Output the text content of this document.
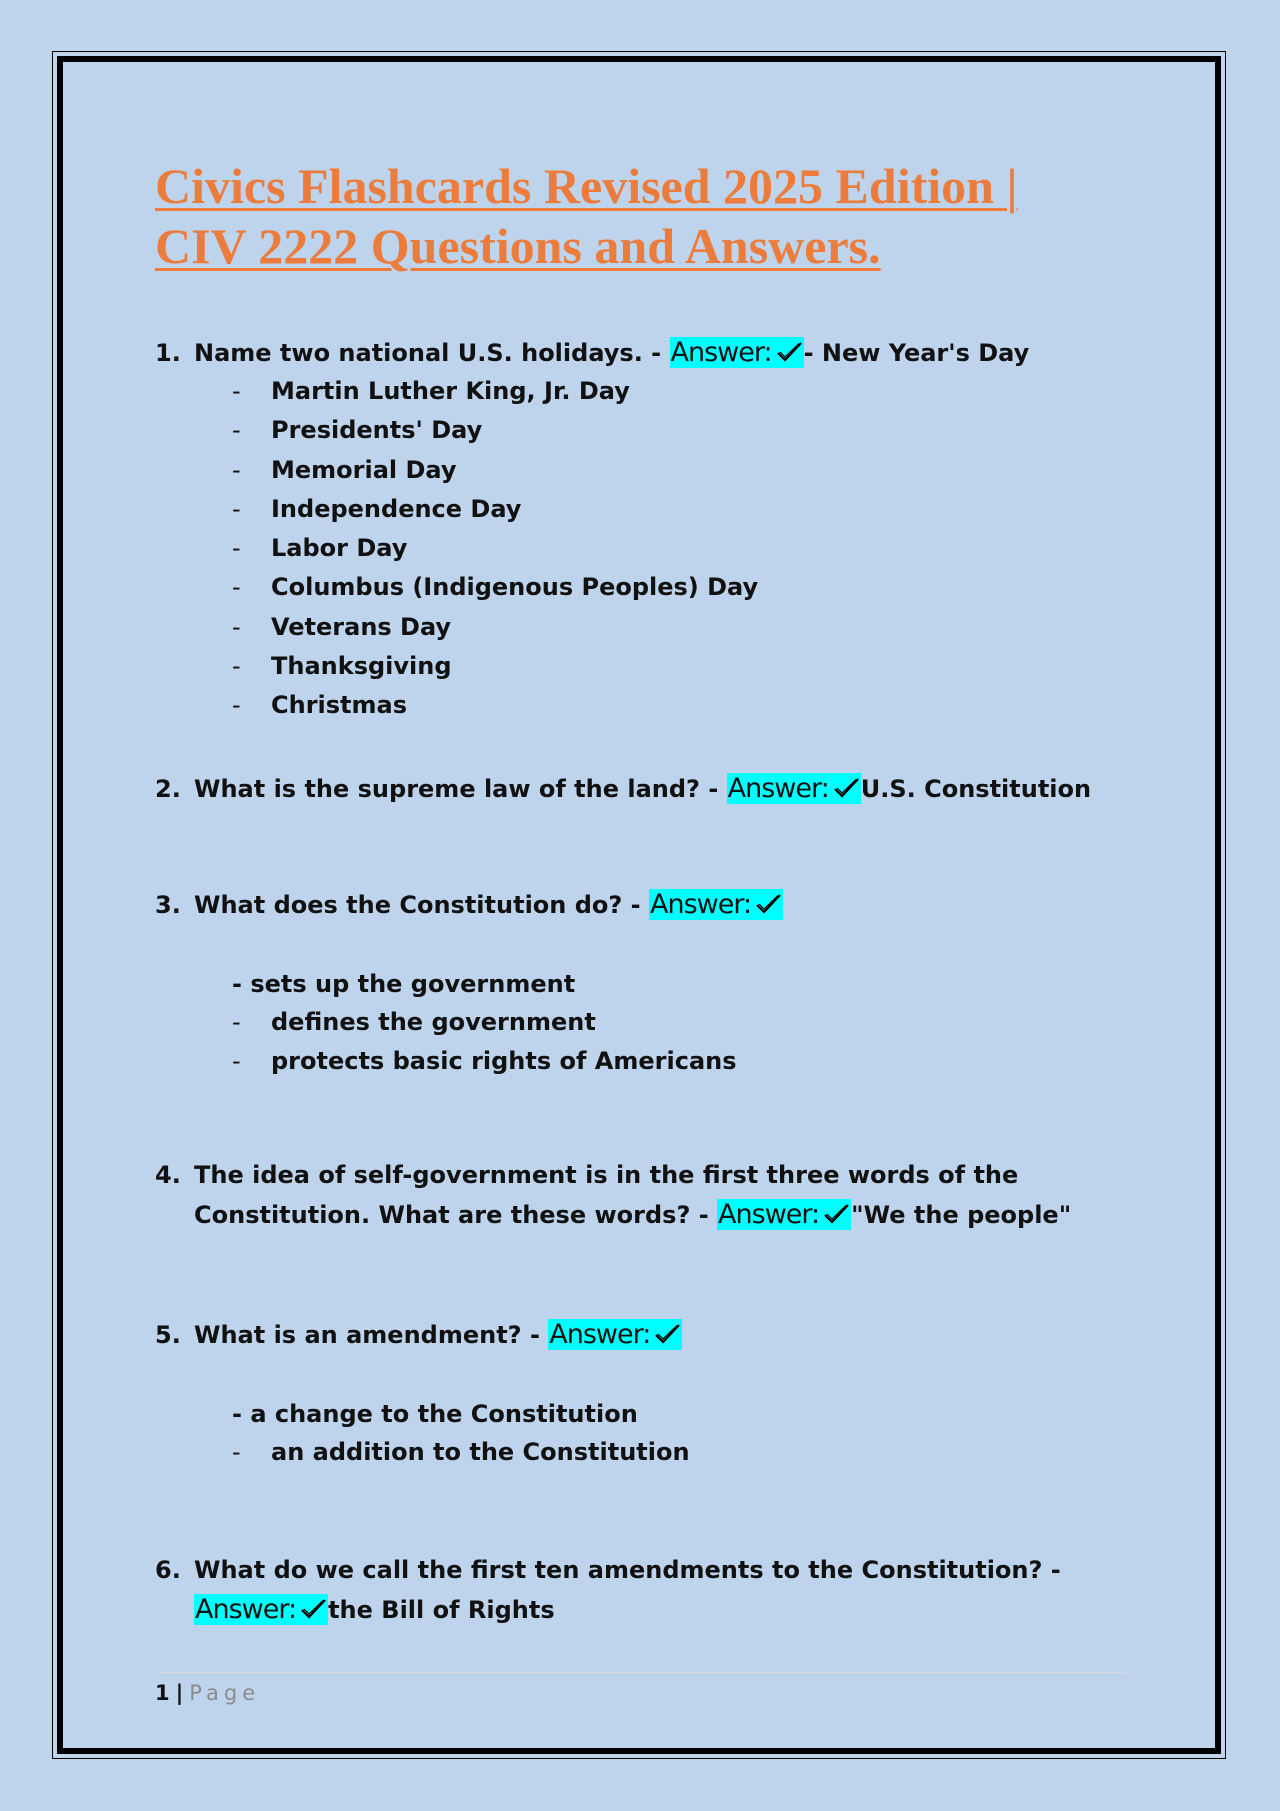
Civics Flashcards Revised 2025 Edition | CIV 2222 Questions and Answers.
1. Name two national U.S. holidays. - Answer: - New Year's Day
- Martin Luther King, Jr. Day
- Presidents' Day
- Memorial Day
- Independence Day
- Labor Day
- Columbus (Indigenous Peoples) Day
- Veterans Day
- Thanksgiving
- Christmas
2. What is the supreme law of the land? - Answer: U.S. Constitution
3. What does the Constitution do? - Answer:
- sets up the government
- defines the government
- protects basic rights of Americans
4. The idea of self-government is in the first three words of the Constitution. What are these words? - Answer: "We the people"
5. What is an amendment? - Answer:
- a change to the Constitution
- an addition to the Constitution
6. What do we call the first ten amendments to the Constitution? - Answer: the Bill of Rights
1 | Page
